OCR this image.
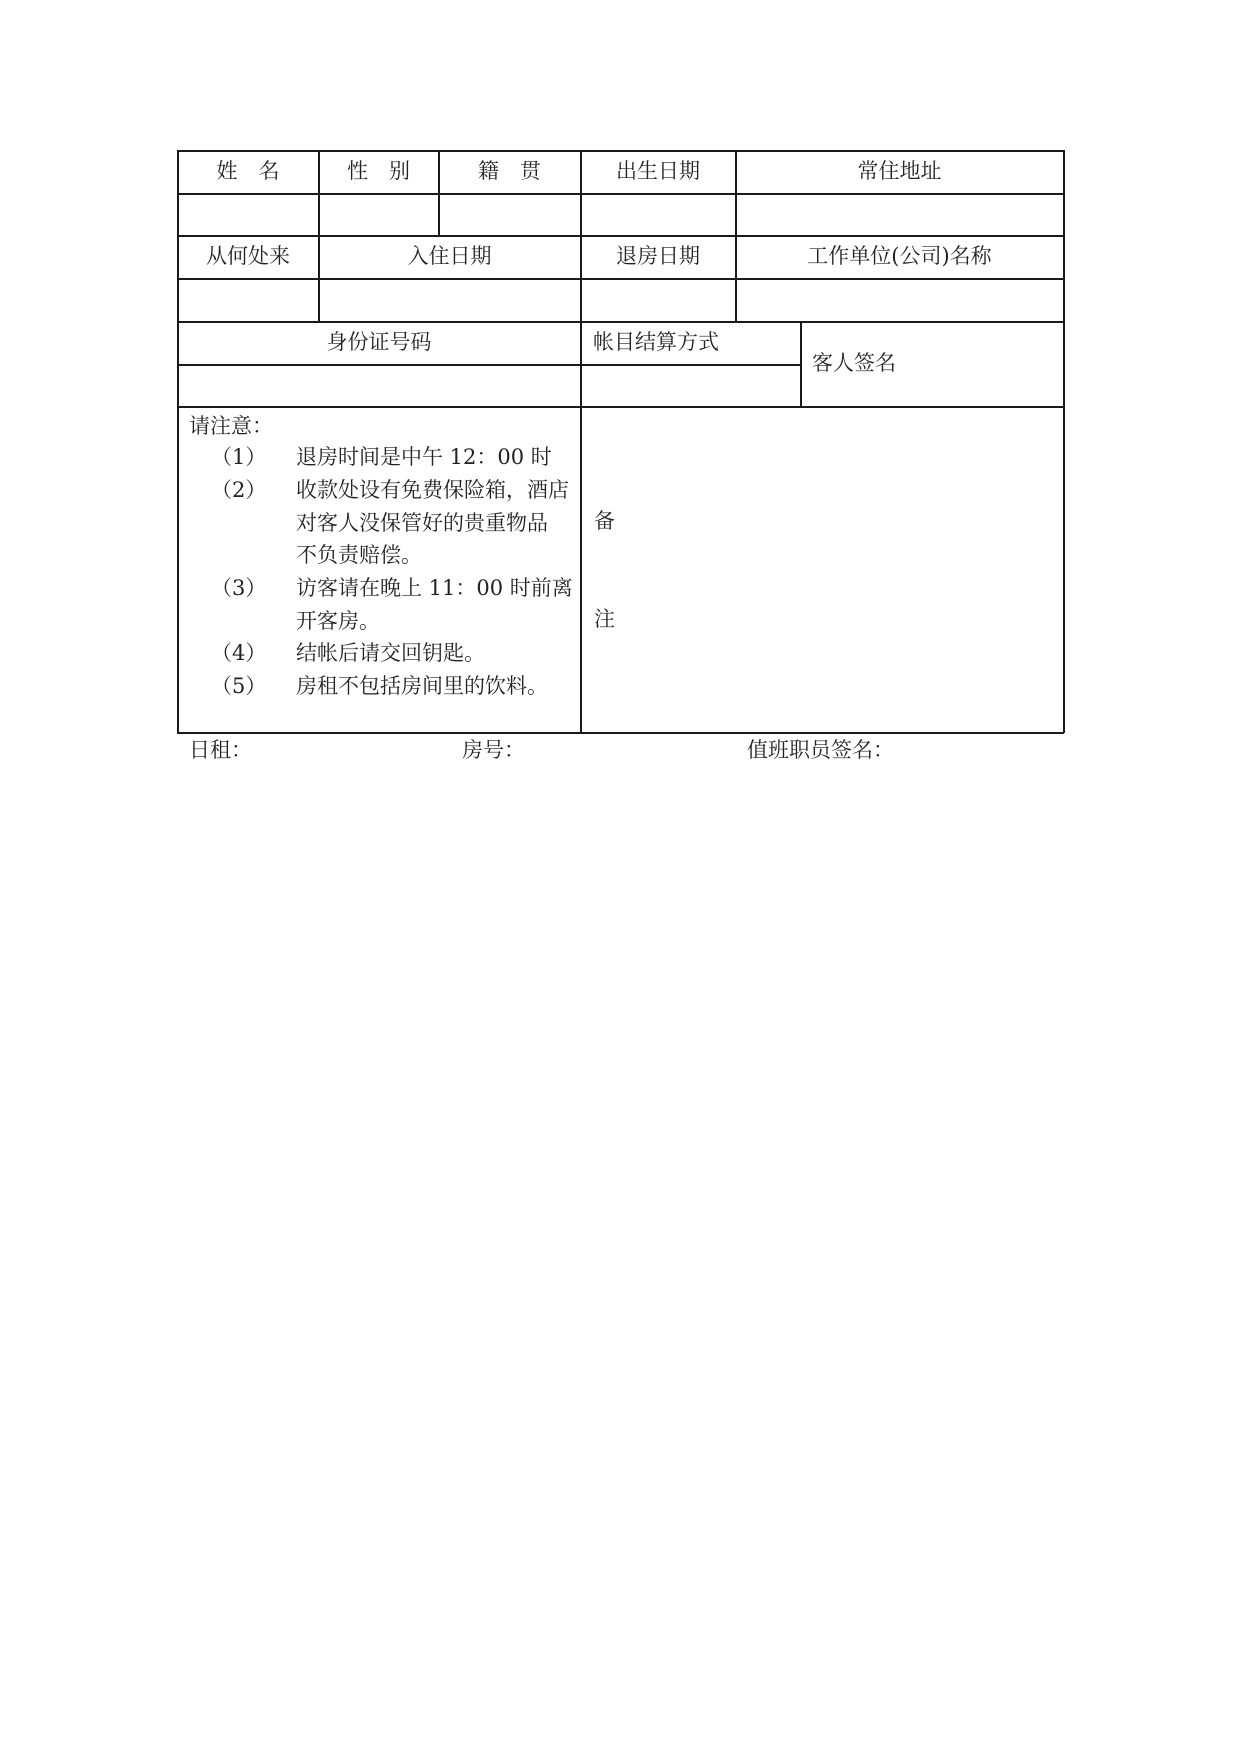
姓　名	性　别	籍　贯	出生日期	常住地址
从何处来	入住日期	退房日期	工作单位(公司)名称
身份证号码	帐目结算方式
客人签名
请注意：
（1） 退房时间是中午 12：00 时
（2） 收款处设有免费保险箱，酒店
对客人没保管好的贵重物品
不负责赔偿。
（3） 访客请在晚上 11：00 时前离
开客房。
（4） 结帐后请交回钥匙。
（5） 房租不包括房间里的饮料。
备
注
日租：	房号：	值班职员签名：
